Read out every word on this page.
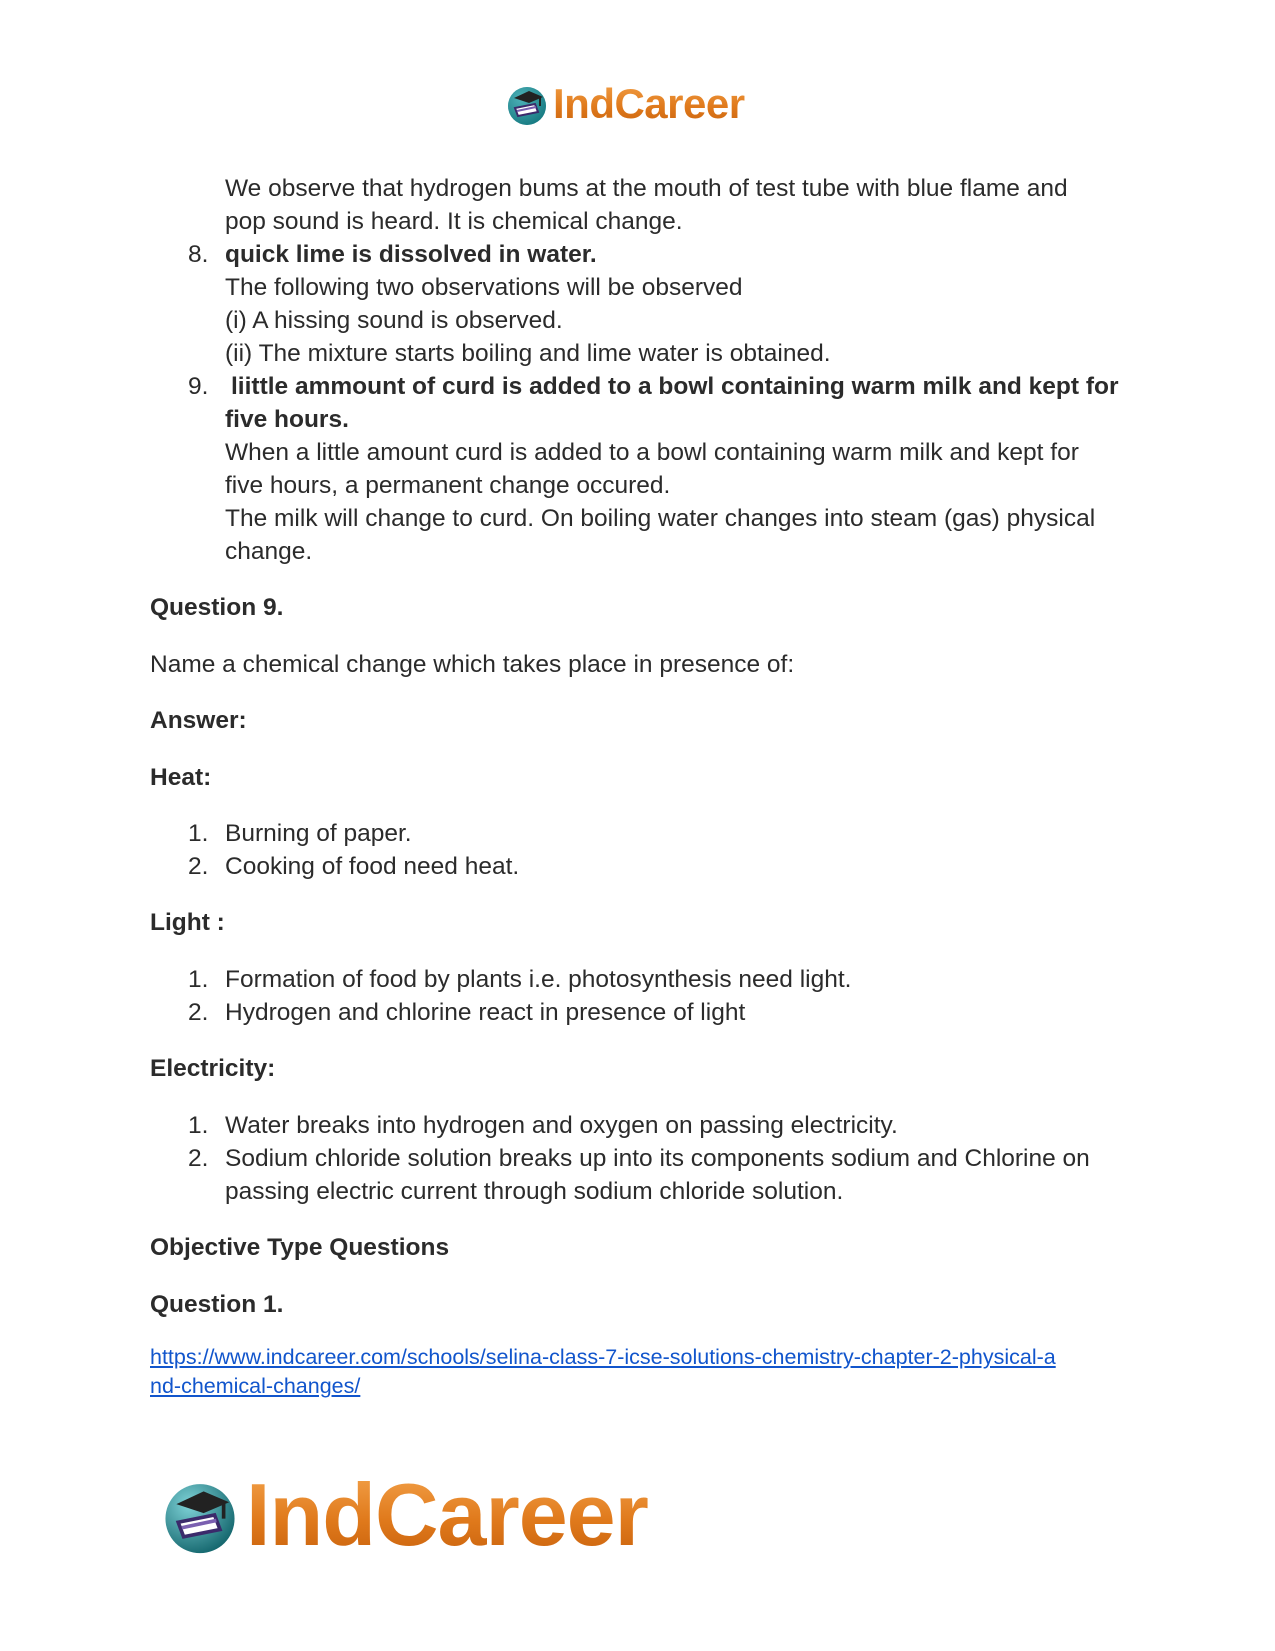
IndCareer
We observe that hydrogen bums at the mouth of test tube with blue flame and
pop sound is heard. It is chemical change.
8. quick lime is dissolved in water.
The following two observations will be observed
(i) A hissing sound is observed.
(ii) The mixture starts boiling and lime water is obtained.
9. liittle ammount of curd is added to a bowl containing warm milk and kept for
five hours.
When a little amount curd is added to a bowl containing warm milk and kept for
five hours, a permanent change occured.
The milk will change to curd. On boiling water changes into steam (gas) physical
change.
Question 9.
Name a chemical change which takes place in presence of:
Answer:
Heat:
1. Burning of paper.
2. Cooking of food need heat.
Light :
1. Formation of food by plants i.e. photosynthesis need light.
2. Hydrogen and chlorine react in presence of light
Electricity:
1. Water breaks into hydrogen and oxygen on passing electricity.
2. Sodium chloride solution breaks up into its components sodium and Chlorine on
passing electric current through sodium chloride solution.
Objective Type Questions
Question 1.
https://www.indcareer.com/schools/selina-class-7-icse-solutions-chemistry-chapter-2-physical-a
nd-chemical-changes/
IndCareer
